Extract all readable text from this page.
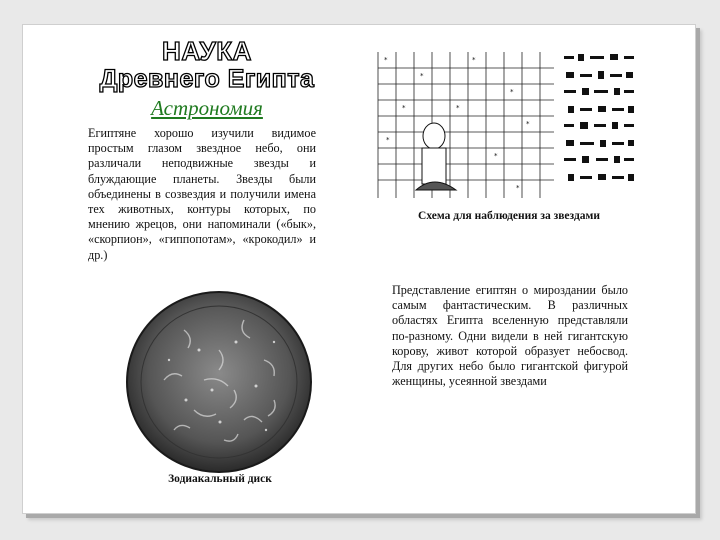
НАУКА
Древнего Египта
Астрономия
Египтяне хорошо изучили видимое простым глазом звездное небо, они различали неподвижные звезды и блуждающие планеты. Звезды были объединены в созвездия и получили имена тех животных, контуры которых, по мнению жрецов, они напоминали («бык», «скорпион», «гиппопотам», «крокодил» и др.)
*
*
*
*
*
*
*
*
*
*
Схема для наблюдения за звездами
Представление египтян о мироздании было самым фантастическим. В различных областях Египта вселенную представляли по-разному. Одни видели в ней гигантскую корову, живот которой образует небосвод. Для других небо было гигантской фигурой женщины, усеянной звездами
Зодиакальный диск
